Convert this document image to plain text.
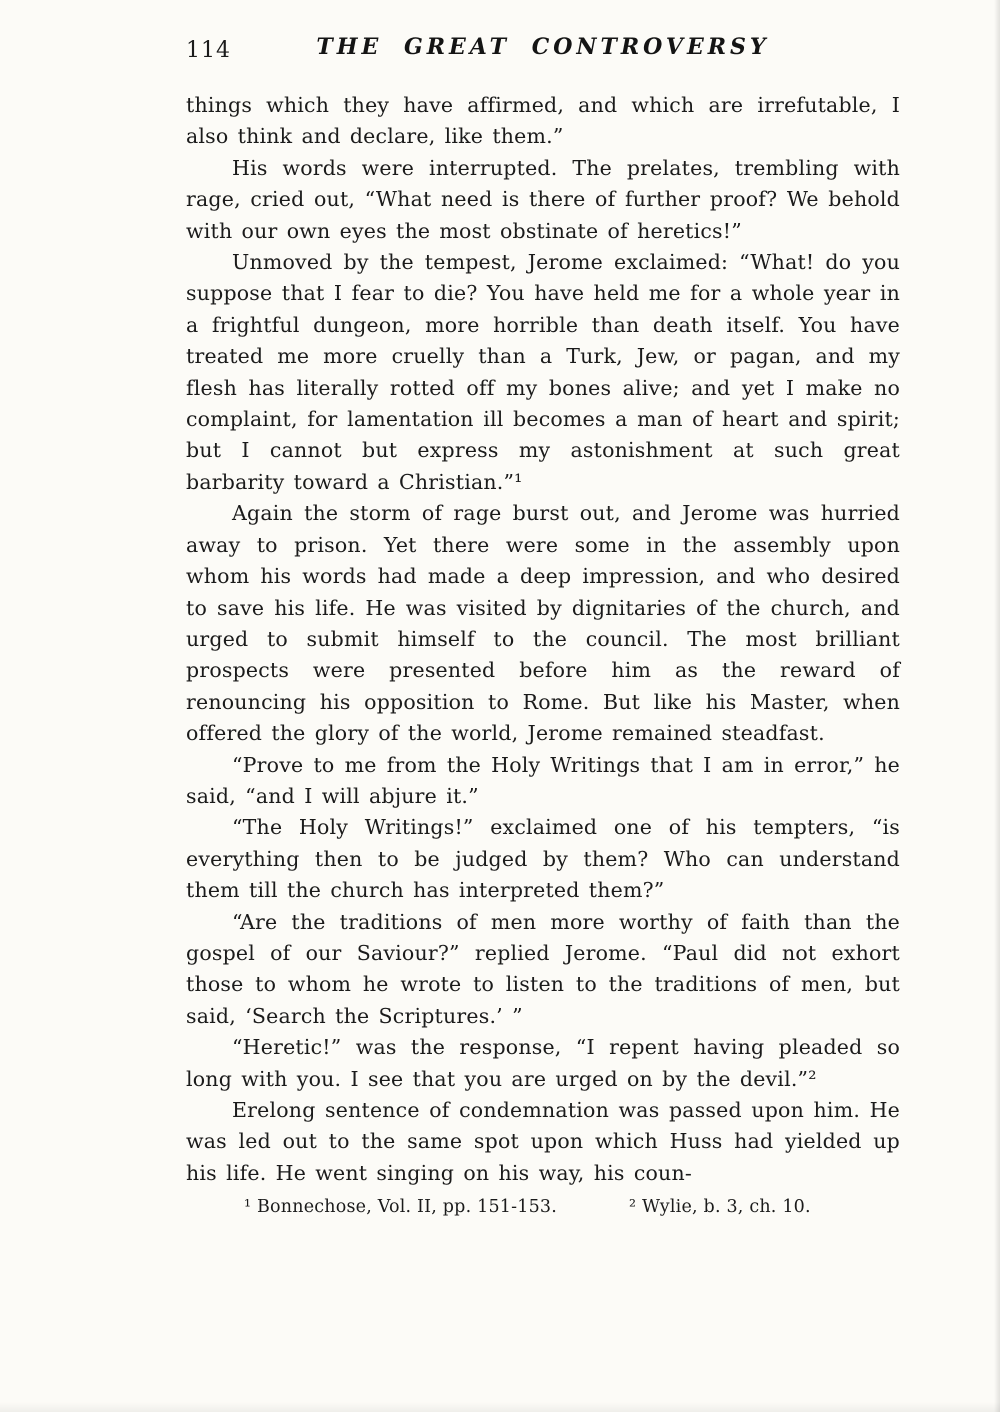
114	THE GREAT CONTROVERSY

things which they have affirmed, and which are irrefutable, I also think and declare, like them.”

His words were interrupted. The prelates, trembling with rage, cried out, “What need is there of further proof? We behold with our own eyes the most obstinate of heretics!”

Unmoved by the tempest, Jerome exclaimed: “What! do you suppose that I fear to die? You have held me for a whole year in a frightful dungeon, more horrible than death itself. You have treated me more cruelly than a Turk, Jew, or pagan, and my flesh has literally rotted off my bones alive; and yet I make no complaint, for lamentation ill becomes a man of heart and spirit; but I cannot but express my astonishment at such great barbarity toward a Christian.”¹

Again the storm of rage burst out, and Jerome was hurried away to prison. Yet there were some in the assembly upon whom his words had made a deep impression, and who desired to save his life. He was visited by dignitaries of the church, and urged to submit himself to the council. The most brilliant prospects were presented before him as the reward of renouncing his opposition to Rome. But like his Master, when offered the glory of the world, Jerome remained steadfast.

“Prove to me from the Holy Writings that I am in error,” he said, “and I will abjure it.”

“The Holy Writings!” exclaimed one of his tempters, “is everything then to be judged by them? Who can understand them till the church has interpreted them?”

“Are the traditions of men more worthy of faith than the gospel of our Saviour?” replied Jerome. “Paul did not exhort those to whom he wrote to listen to the traditions of men, but said, ‘Search the Scriptures.’ ”

“Heretic!” was the response, “I repent having pleaded so long with you. I see that you are urged on by the devil.”²

Erelong sentence of condemnation was passed upon him. He was led out to the same spot upon which Huss had yielded up his life. He went singing on his way, his coun-

¹ Bonnechose, Vol. II, pp. 151-153.	² Wylie, b. 3, ch. 10.
